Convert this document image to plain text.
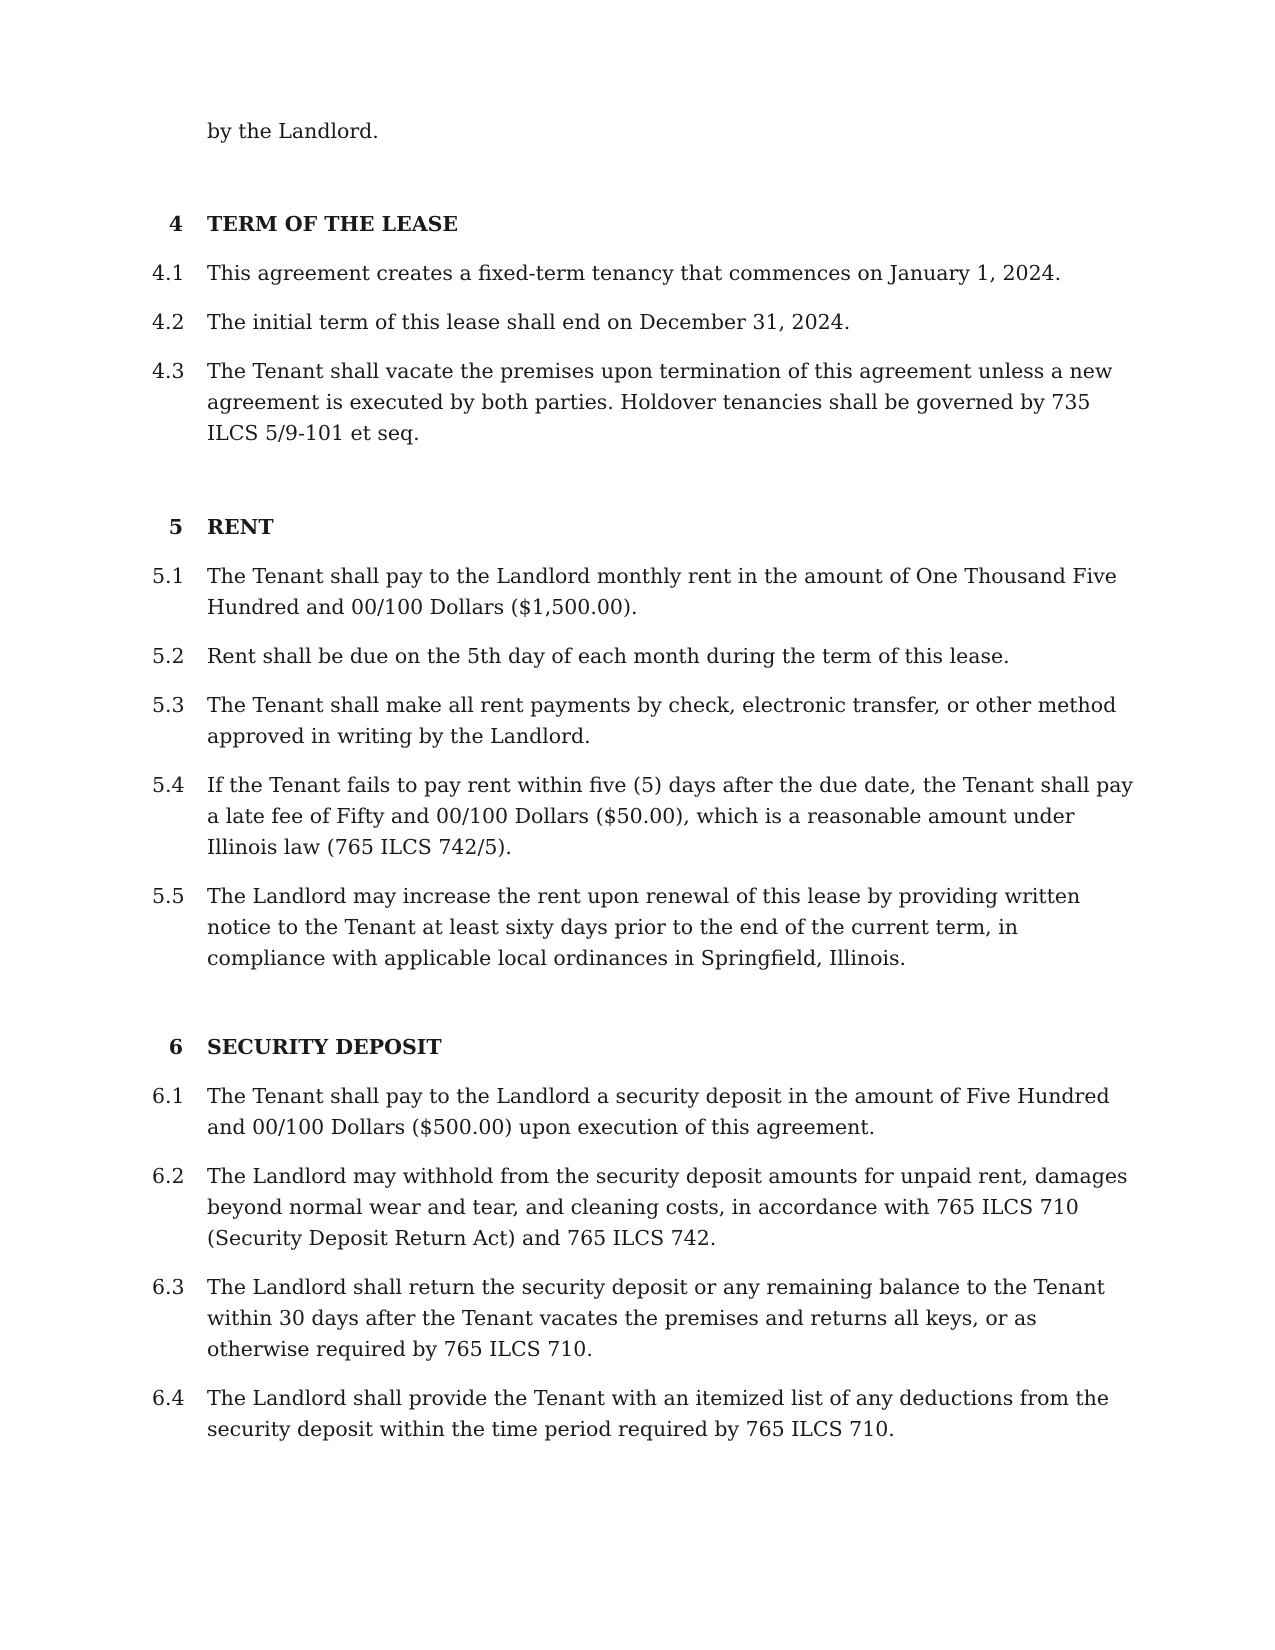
by the Landlord.

4 TERM OF THE LEASE
4.1 This agreement creates a fixed-term tenancy that commences on January 1, 2024.
4.2 The initial term of this lease shall end on December 31, 2024.
4.3 The Tenant shall vacate the premises upon termination of this agreement unless a new agreement is executed by both parties. Holdover tenancies shall be governed by 735 ILCS 5/9-101 et seq.
5 RENT
5.1 The Tenant shall pay to the Landlord monthly rent in the amount of One Thousand Five Hundred and 00/100 Dollars ($1,500.00).
5.2 Rent shall be due on the 5th day of each month during the term of this lease.
5.3 The Tenant shall make all rent payments by check, electronic transfer, or other method approved in writing by the Landlord.
5.4 If the Tenant fails to pay rent within five (5) days after the due date, the Tenant shall pay a late fee of Fifty and 00/100 Dollars ($50.00), which is a reasonable amount under Illinois law (765 ILCS 742/5).
5.5 The Landlord may increase the rent upon renewal of this lease by providing written notice to the Tenant at least sixty days prior to the end of the current term, in compliance with applicable local ordinances in Springfield, Illinois.
6 SECURITY DEPOSIT
6.1 The Tenant shall pay to the Landlord a security deposit in the amount of Five Hundred and 00/100 Dollars ($500.00) upon execution of this agreement.
6.2 The Landlord may withhold from the security deposit amounts for unpaid rent, damages beyond normal wear and tear, and cleaning costs, in accordance with 765 ILCS 710 (Security Deposit Return Act) and 765 ILCS 742.
6.3 The Landlord shall return the security deposit or any remaining balance to the Tenant within 30 days after the Tenant vacates the premises and returns all keys, or as otherwise required by 765 ILCS 710.
6.4 The Landlord shall provide the Tenant with an itemized list of any deductions from the security deposit within the time period required by 765 ILCS 710.
